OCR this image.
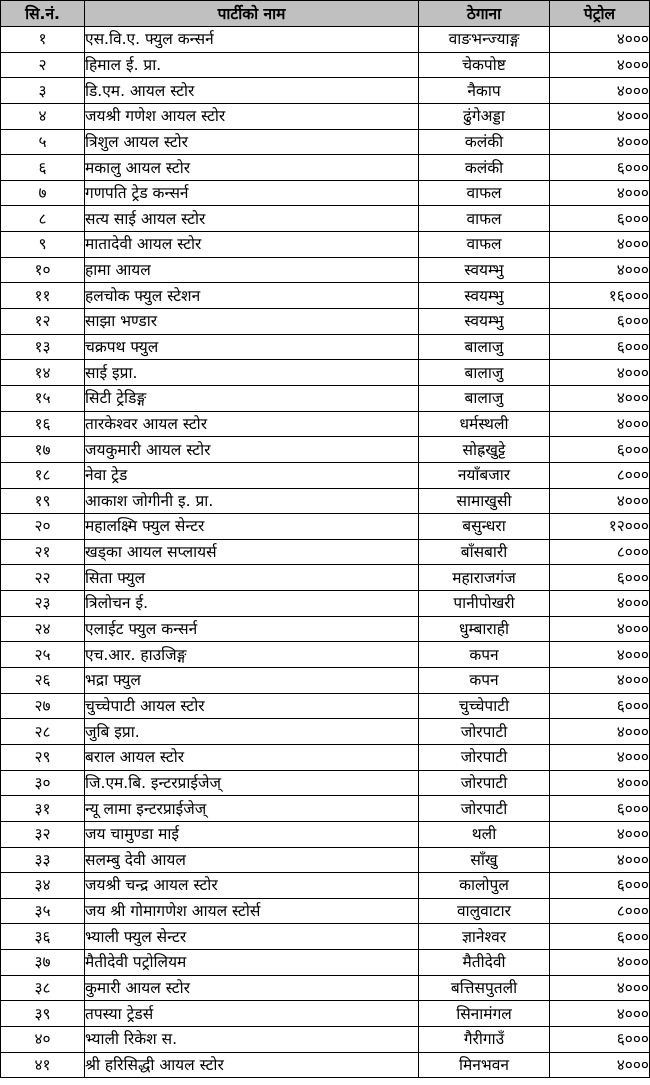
सि.नं.	पार्टीको नाम	ठेगाना	पेट्रोल
१	एस.वि.ए. फ्युल कन्सर्न	वाङभन्ज्याङ्ग	४०००
२	हिमाल ई. प्रा.	चेकपोष्ट	४०००
३	डि.एम. आयल स्टोर	नैकाप	४०००
४	जयश्री गणेश आयल स्टोर	ढुंगेअड्डा	४०००
५	त्रिशुल आयल स्टोर	कलंकी	४०००
६	मकालु आयल स्टोर	कलंकी	६०००
७	गणपति ट्रेड कन्सर्न	वाफल	४०००
८	सत्य साई आयल स्टोर	वाफल	६०००
९	मातादेवी आयल स्टोर	वाफल	४०००
१०	हामा आयल	स्वयम्भु	४०००
११	हलचोक फ्युल स्टेशन	स्वयम्भु	१६०००
१२	साझा भण्डार	स्वयम्भु	६०००
१३	चक्रपथ फ्युल	बालाजु	६०००
१४	साई इप्रा.	बालाजु	४०००
१५	सिटी ट्रेडिङ्ग	बालाजु	४०००
१६	तारकेश्वर आयल स्टोर	धर्मस्थली	४०००
१७	जयकुमारी आयल स्टोर	सोह्रखुट्टे	६०००
१८	नेवा ट्रेड	नयाँबजार	८०००
१९	आकाश जोगीनी इ. प्रा.	सामाखुसी	४०००
२०	महालक्ष्मि फ्युल सेन्टर	बसुन्धरा	१२०००
२१	खड्का आयल सप्लायर्स	बाँसबारी	८०००
२२	सिता फ्युल	महाराजगंज	६०००
२३	त्रिलोचन ई.	पानीपोखरी	४०००
२४	एलाईट फ्युल कन्सर्न	धुम्बाराही	४०००
२५	एच.आर. हाउजिङ्ग	कपन	४०००
२६	भद्रा फ्युल	कपन	४०००
२७	चुच्चेपाटी आयल स्टोर	चुच्चेपाटी	६०००
२८	जुबि इप्रा.	जोरपाटी	४०००
२९	बराल आयल स्टोर	जोरपाटी	४०००
३०	जि.एम.बि. इन्टरप्राईजेज्	जोरपाटी	४०००
३१	न्यू लामा इन्टरप्राईजेज्	जोरपाटी	६०००
३२	जय चामुण्डा माई	थली	४०००
३३	सलम्बु देवी आयल	साँखु	४०००
३४	जयश्री चन्द्र आयल स्टोर	कालोपुल	६०००
३५	जय श्री गोमागणेश आयल स्टोर्स	वालुवाटार	८०००
३६	भ्याली फ्युल सेन्टर	ज्ञानेश्वर	६०००
३७	मैतीदेवी पट्रोलियम	मैतीदेवी	४०००
३८	कुमारी आयल स्टोर	बत्तिसपुतली	४०००
३९	तपस्या ट्रेडर्स	सिनामंगल	४०००
४०	भ्याली रिकेश स.	गैरीगाउँ	६०००
४१	श्री हरिसिद्धी आयल स्टोर	मिनभवन	४०००
